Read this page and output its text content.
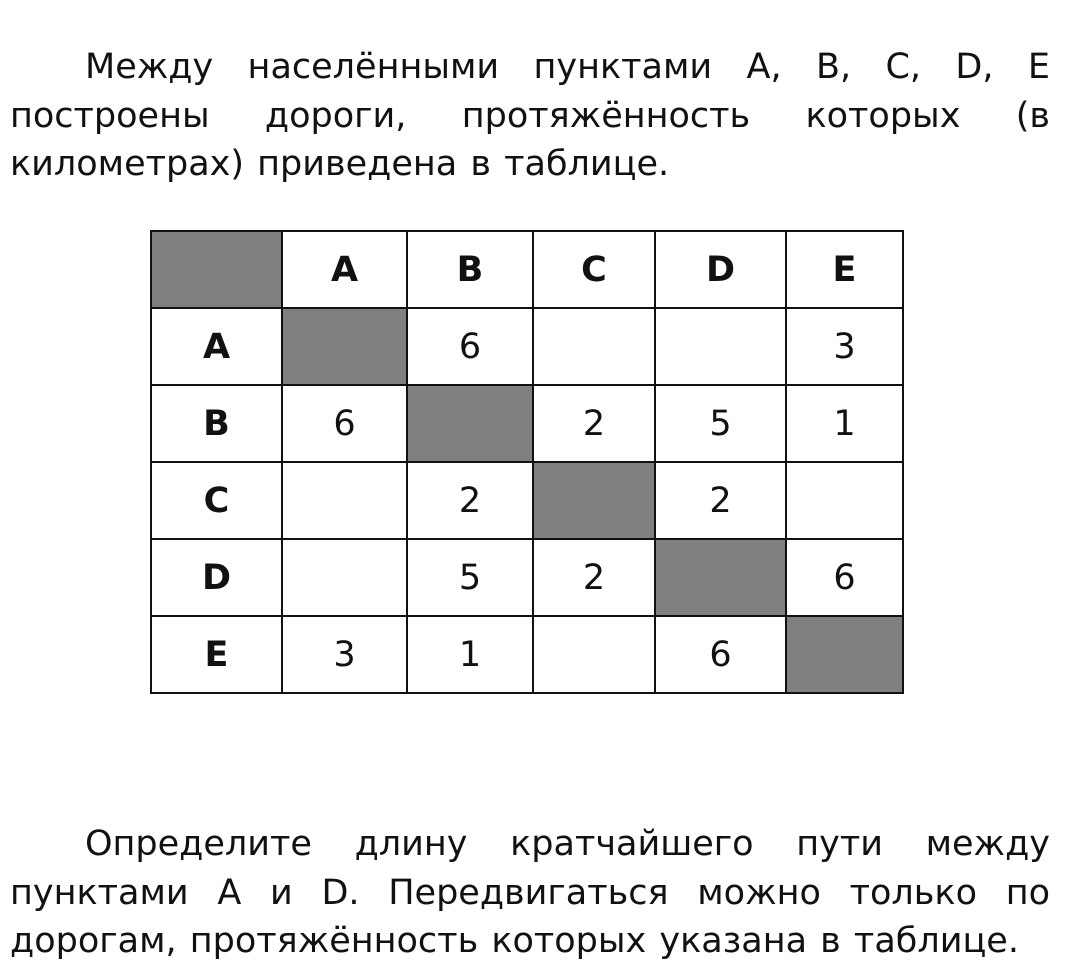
Между населёнными пунктами A, B, C, D, E построены дороги, протяжённость которых (в километрах) приведена в таблице.

	A	B	C	D	E
A		6			3
B	6		2	5	1
C		2		2	
D		5	2		6
E	3	1		6	

Определите длину кратчайшего пути между пунктами A и D. Передвигаться можно только по дорогам, протяжённость которых указана в таблице.
